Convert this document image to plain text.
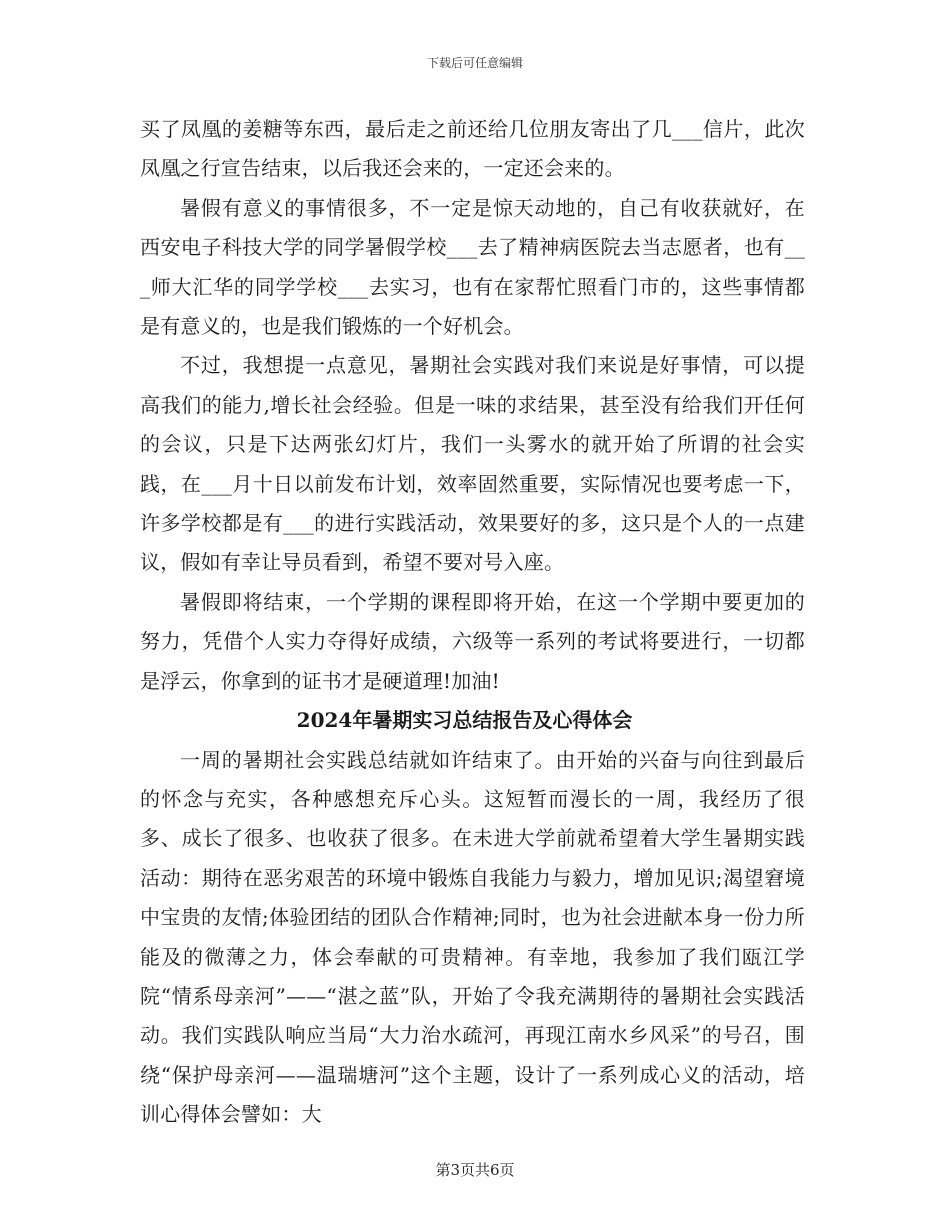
下载后可任意编辑

买了凤凰的姜糖等东西，最后走之前还给几位朋友寄出了几___信片，此次凤凰之行宣告结束，以后我还会来的，一定还会来的。

暑假有意义的事情很多，不一定是惊天动地的，自己有收获就好，在西安电子科技大学的同学暑假学校___去了精神病医院去当志愿者，也有___师大汇华的同学学校___去实习，也有在家帮忙照看门市的，这些事情都是有意义的，也是我们锻炼的一个好机会。

不过，我想提一点意见，暑期社会实践对我们来说是好事情，可以提高我们的能力,增长社会经验。但是一味的求结果，甚至没有给我们开任何的会议，只是下达两张幻灯片，我们一头雾水的就开始了所谓的社会实践，在___月十日以前发布计划，效率固然重要，实际情况也要考虑一下，许多学校都是有___的进行实践活动，效果要好的多，这只是个人的一点建议，假如有幸让导员看到，希望不要对号入座。

暑假即将结束，一个学期的课程即将开始，在这一个学期中要更加的努力，凭借个人实力夺得好成绩，六级等一系列的考试将要进行，一切都是浮云，你拿到的证书才是硬道理!加油!

2024年暑期实习总结报告及心得体会

一周的暑期社会实践总结就如许结束了。由开始的兴奋与向往到最后的怀念与充实，各种感想充斥心头。这短暂而漫长的一周，我经历了很多、成长了很多、也收获了很多。在未进大学前就希望着大学生暑期实践活动：期待在恶劣艰苦的环境中锻炼自我能力与毅力，增加见识;渴望窘境中宝贵的友情;体验团结的团队合作精神;同时，也为社会进献本身一份力所能及的微薄之力，体会奉献的可贵精神。有幸地，我参加了我们瓯江学院“情系母亲河”——“湛之蓝”队，开始了令我充满期待的暑期社会实践活动。我们实践队响应当局“大力治水疏河，再现江南水乡风采”的号召，围绕“保护母亲河——温瑞塘河”这个主题，设计了一系列成心义的活动，培训心得体会譬如：大

第3页共6页
